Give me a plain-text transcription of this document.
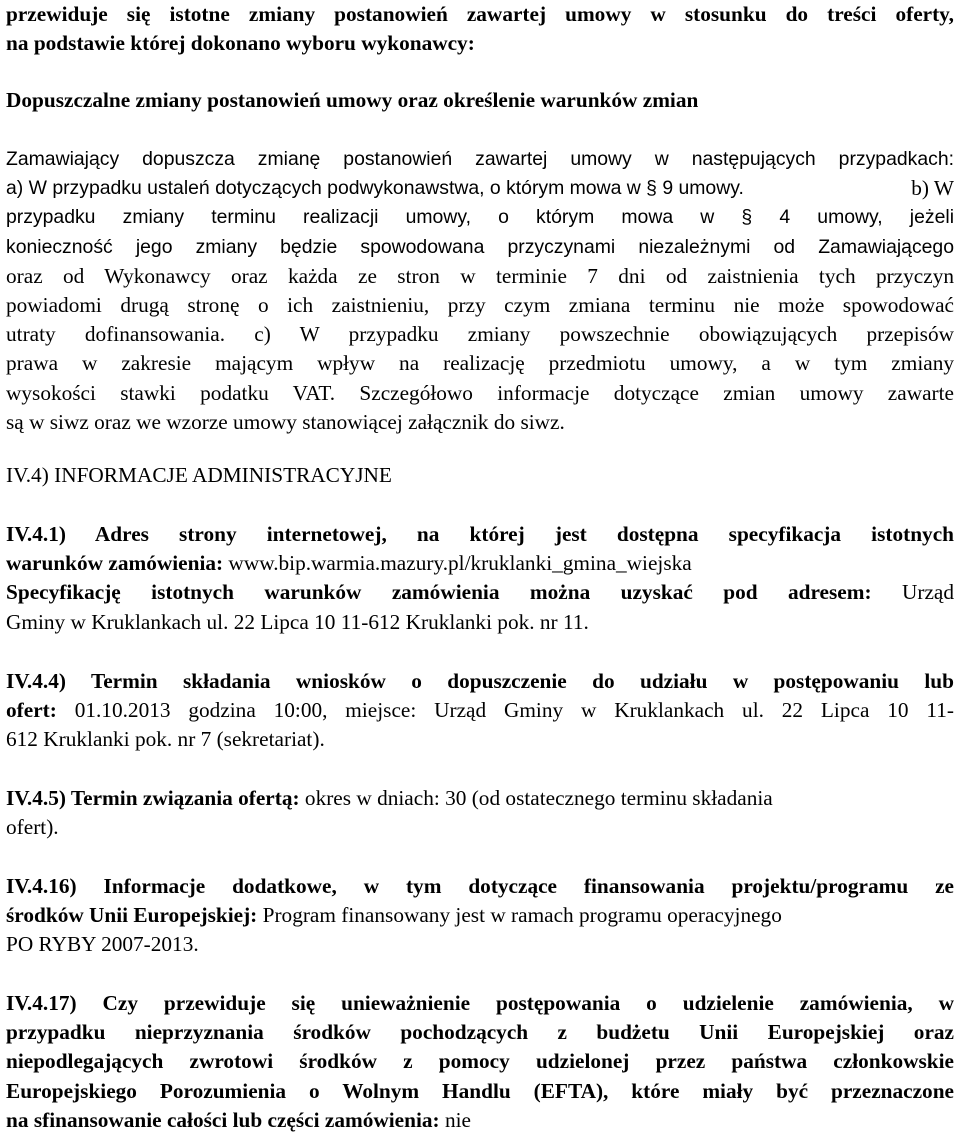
przewiduje się istotne zmiany postanowień zawartej umowy w stosunku do treści oferty,
na podstawie której dokonano wyboru wykonawcy:
Dopuszczalne zmiany postanowień umowy oraz określenie warunków zmian
Zamawiający dopuszcza zmianę postanowień zawartej umowy w następujących przypadkach:
a) W przypadku ustaleń dotyczących podwykonawstwa, o którym mowa w § 9 umowy.	b) W
przypadku zmiany terminu realizacji umowy, o którym mowa w § 4 umowy, jeżeli
konieczność jego zmiany będzie spowodowana przyczynami niezależnymi od Zamawiającego
oraz od Wykonawcy oraz każda ze stron w terminie 7 dni od zaistnienia tych przyczyn
powiadomi drugą stronę o ich zaistnieniu, przy czym zmiana terminu nie może spowodować
utraty dofinansowania. c) W przypadku zmiany powszechnie obowiązujących przepisów
prawa w zakresie mającym wpływ na realizację przedmiotu umowy, a w tym zmiany
wysokości stawki podatku VAT. Szczegółowo informacje dotyczące zmian umowy zawarte
są w siwz oraz we wzorze umowy stanowiącej załącznik do siwz.
IV.4) INFORMACJE ADMINISTRACYJNE
IV.4.1) Adres strony internetowej, na której jest dostępna specyfikacja istotnych
warunków zamówienia: www.bip.warmia.mazury.pl/kruklanki_gmina_wiejska
Specyfikację istotnych warunków zamówienia można uzyskać pod adresem: Urząd
Gminy w Kruklankach ul. 22 Lipca 10 11-612 Kruklanki pok. nr 11.
IV.4.4) Termin składania wniosków o dopuszczenie do udziału w postępowaniu lub
ofert: 01.10.2013 godzina 10:00, miejsce: Urząd Gminy w Kruklankach ul. 22 Lipca 10 11-
612 Kruklanki pok. nr 7 (sekretariat).
IV.4.5) Termin związania ofertą: okres w dniach: 30 (od ostatecznego terminu składania
ofert).
IV.4.16) Informacje dodatkowe, w tym dotyczące finansowania projektu/programu ze
środków Unii Europejskiej: Program finansowany jest w ramach programu operacyjnego
PO RYBY 2007-2013.
IV.4.17) Czy przewiduje się unieważnienie postępowania o udzielenie zamówienia, w
przypadku nieprzyznania środków pochodzących z budżetu Unii Europejskiej oraz
niepodlegających zwrotowi środków z pomocy udzielonej przez państwa członkowskie
Europejskiego Porozumienia o Wolnym Handlu (EFTA), które miały być przeznaczone
na sfinansowanie całości lub części zamówienia: nie
